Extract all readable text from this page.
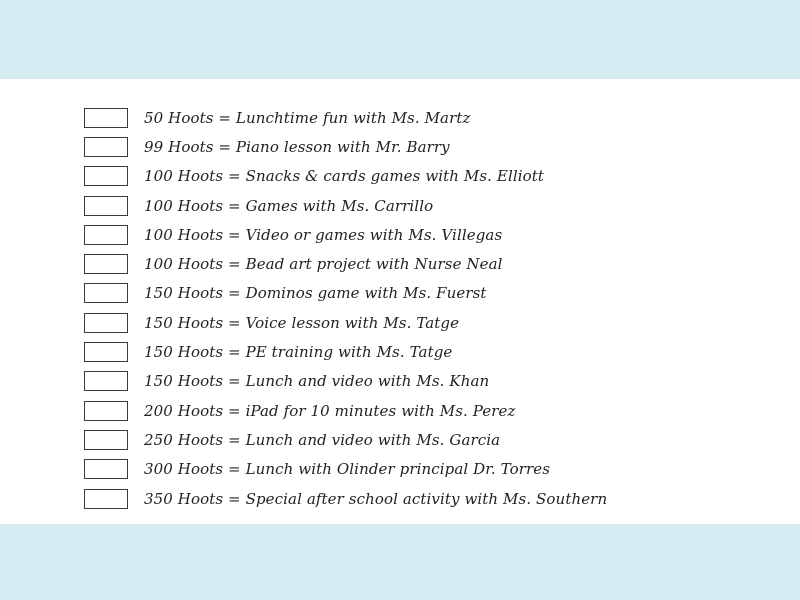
50 Hoots = Lunchtime fun with Ms. Martz
99 Hoots = Piano lesson with Mr. Barry
100 Hoots = Snacks & cards games with Ms. Elliott
100 Hoots = Games with Ms. Carrillo
100 Hoots = Video or games with Ms. Villegas
100 Hoots = Bead art project with Nurse Neal
150 Hoots = Dominos game with Ms. Fuerst
150 Hoots = Voice lesson with Ms. Tatge
150 Hoots = PE training with Ms. Tatge
150 Hoots = Lunch and video with Ms. Khan
200 Hoots = iPad for 10 minutes with Ms. Perez
250 Hoots = Lunch and video with Ms. Garcia
300 Hoots = Lunch with Olinder principal Dr. Torres
350 Hoots = Special after school activity with Ms. Southern
